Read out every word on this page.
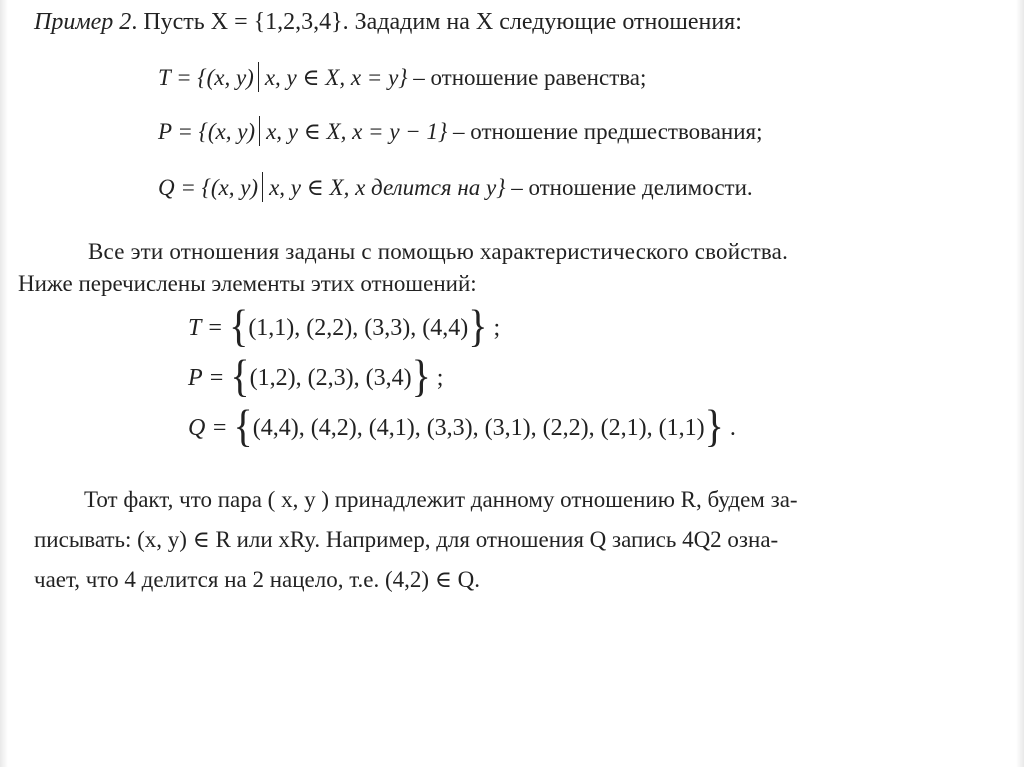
Пример 2. Пусть X = {1,2,3,4}. Зададим на X следующие отношения:
T = {(x, y) x, y ∈ X, x = y} – отношение равенства;
P = {(x, y) x, y ∈ X, x = y − 1} – отношение предшествования;
Q = {(x, y) x, y ∈ X, x делится на y} – отношение делимости.
Все эти отношения заданы с помощью характеристического свойства.
Ниже перечислены элементы этих отношений:
T = {(1,1), (2,2), (3,3), (4,4)} ;
P = {(1,2), (2,3), (3,4)} ;
Q = {(4,4), (4,2), (4,1), (3,3), (3,1), (2,2), (2,1), (1,1)} .
Тот факт, что пара ( x, y ) принадлежит данному отношению R, будем за-
писывать: (x, y) ∈ R или xRy. Например, для отношения Q запись 4Q2 озна-
чает, что 4 делится на 2 нацело, т.е. (4,2) ∈ Q.
